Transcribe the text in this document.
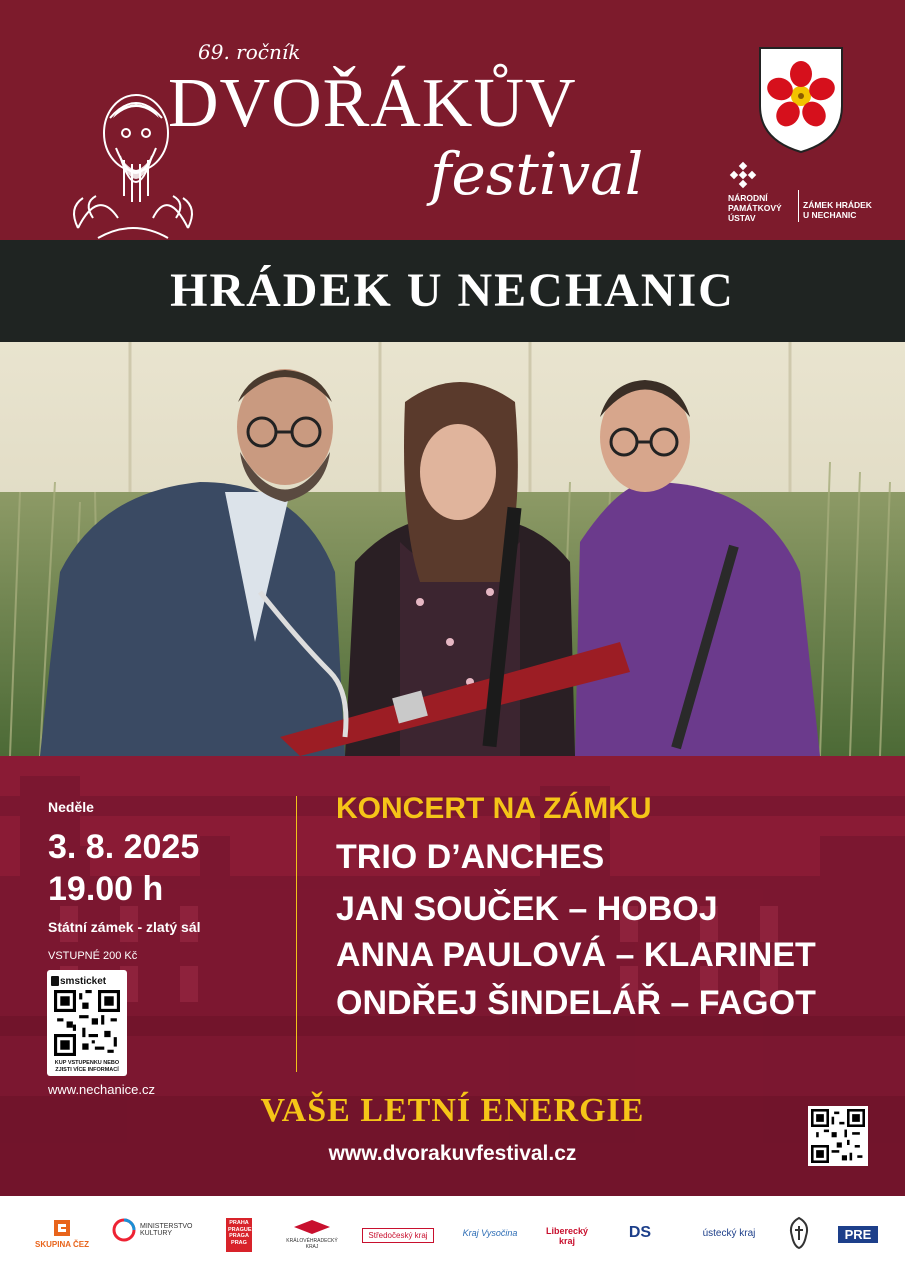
69. ročník
DVOŘÁKŮV
festival	NÁRODNÍ
PAMÁTKOVÝ
ÚSTAV
ZÁMEK HRÁDEK
U NECHANIC
HRÁDEK U NECHANIC
Neděle
3. 8. 2025
19.00 h
Státní zámek - zlatý sál
VSTUPNÉ 200 Kč
smsticket
KUP VSTUPENKU NEBO ZJISTI VÍCE INFORMACÍ
www.nechanice.cz
KONCERT NA ZÁMKU
TRIO D’ANCHES
JAN SOUČEK – HOBOJ
ANNA PAULOVÁ – KLARINET
ONDŘEJ ŠINDELÁŘ – FAGOT
VAŠE LETNÍ ENERGIE
www.dvorakuvfestival.cz
SKUPINA ČEZ
MINISTERSTVO KULTURY
PRAHA PRAGUE PRAGA PRAG	KRÁLOVÉHRADECKÝ KRAJ
Středočeský kraj	Kraj Vysočina	Liberecký kraj	DS	ústecký kraj	PRE
